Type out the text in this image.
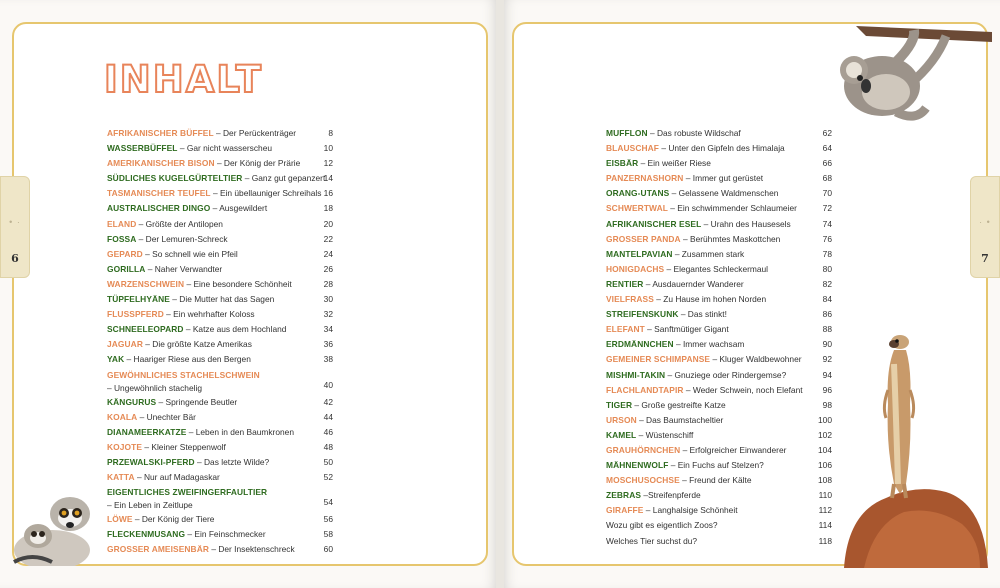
INHALT
AFRIKANISCHER BÜFFEL – Der Perückenträger	8
WASSERBÜFFEL – Gar nicht wasserscheu	10
AMERIKANISCHER BISON – Der König der Prärie	12
SÜDLICHES KUGELGÜRTELTIER – Ganz gut gepanzert
14
TASMANISCHER TEUFEL – Ein übellauniger Schreihals 16
AUSTRALISCHER DINGO – Ausgewildert	18
ELAND – Größte der Antilopen	20
FOSSA – Der Lemuren-Schreck	22
GEPARD – So schnell wie ein Pfeil	24
GORILLA – Naher Verwandter	26
WARZENSCHWEIN – Eine besondere Schönheit	28
TÜPFELHYÄNE – Die Mutter hat das Sagen	30
FLUSSPFERD – Ein wehrhafter Koloss	32
SCHNEELEOPARD – Katze aus dem Hochland	34
JAGUAR – Die größte Katze Amerikas	36
YAK – Haariger Riese aus den Bergen	38
GEWÖHNLICHES STACHELSCHWEIN
– Ungewöhnlich stachelig	40
KÄNGURUS – Springende Beutler	42
KOALA – Unechter Bär	44
DIANAMEERKATZE – Leben in den Baumkronen	46
KOJOTE – Kleiner Steppenwolf	48
PRZEWALSKI-PFERD – Das letzte Wilde?	50
KATTA – Nur auf Madagaskar	52
EIGENTLICHES ZWEIFINGERFAULTIER
– Ein Leben in Zeitlupe	54
LÖWE – Der König der Tiere	56
FLECKENMUSANG – Ein Feinschmecker	58
GROSSER AMEISENBÄR – Der Insektenschreck	60
• ·
6
MUFFLON – Das robuste Wildschaf	62
BLAUSCHAF – Unter den Gipfeln des Himalaja	64
EISBÄR – Ein weißer Riese	66
PANZERNASHORN – Immer gut gerüstet	68
ORANG-UTANS – Gelassene Waldmenschen	70
SCHWERTWAL – Ein schwimmender Schlaumeier	72
AFRIKANISCHER ESEL – Urahn des Hausesels	74
GROSSER PANDA – Berühmtes Maskottchen	76
MANTELPAVIAN – Zusammen stark	78
HONIGDACHS – Elegantes Schleckermaul	80
RENTIER – Ausdauernder Wanderer	82
VIELFRASS – Zu Hause im hohen Norden	84
STREIFENSKUNK – Das stinkt!	86
ELEFANT – Sanftmütiger Gigant	88
ERDMÄNNCHEN – Immer wachsam	90
GEMEINER SCHIMPANSE – Kluger Waldbewohner	92
MISHMI-TAKIN – Gnuziege oder Rindergemse?	94
FLACHLANDTAPIR – Weder Schwein, noch Elefant 96
TIGER – Große gestreifte Katze	98
URSON – Das Baumstacheltier	100
KAMEL – Wüstenschiff	102
GRAUHÖRNCHEN – Erfolgreicher Einwanderer	104
MÄHNENWOLF – Ein Fuchs auf Stelzen?	106
MOSCHUSOCHSE – Freund der Kälte	108
ZEBRAS –Streifenpferde	110
GIRAFFE – Langhalsige Schönheit	112
Wozu gibt es eigentlich Zoos?	114
Welches Tier suchst du?	118
· •
7
